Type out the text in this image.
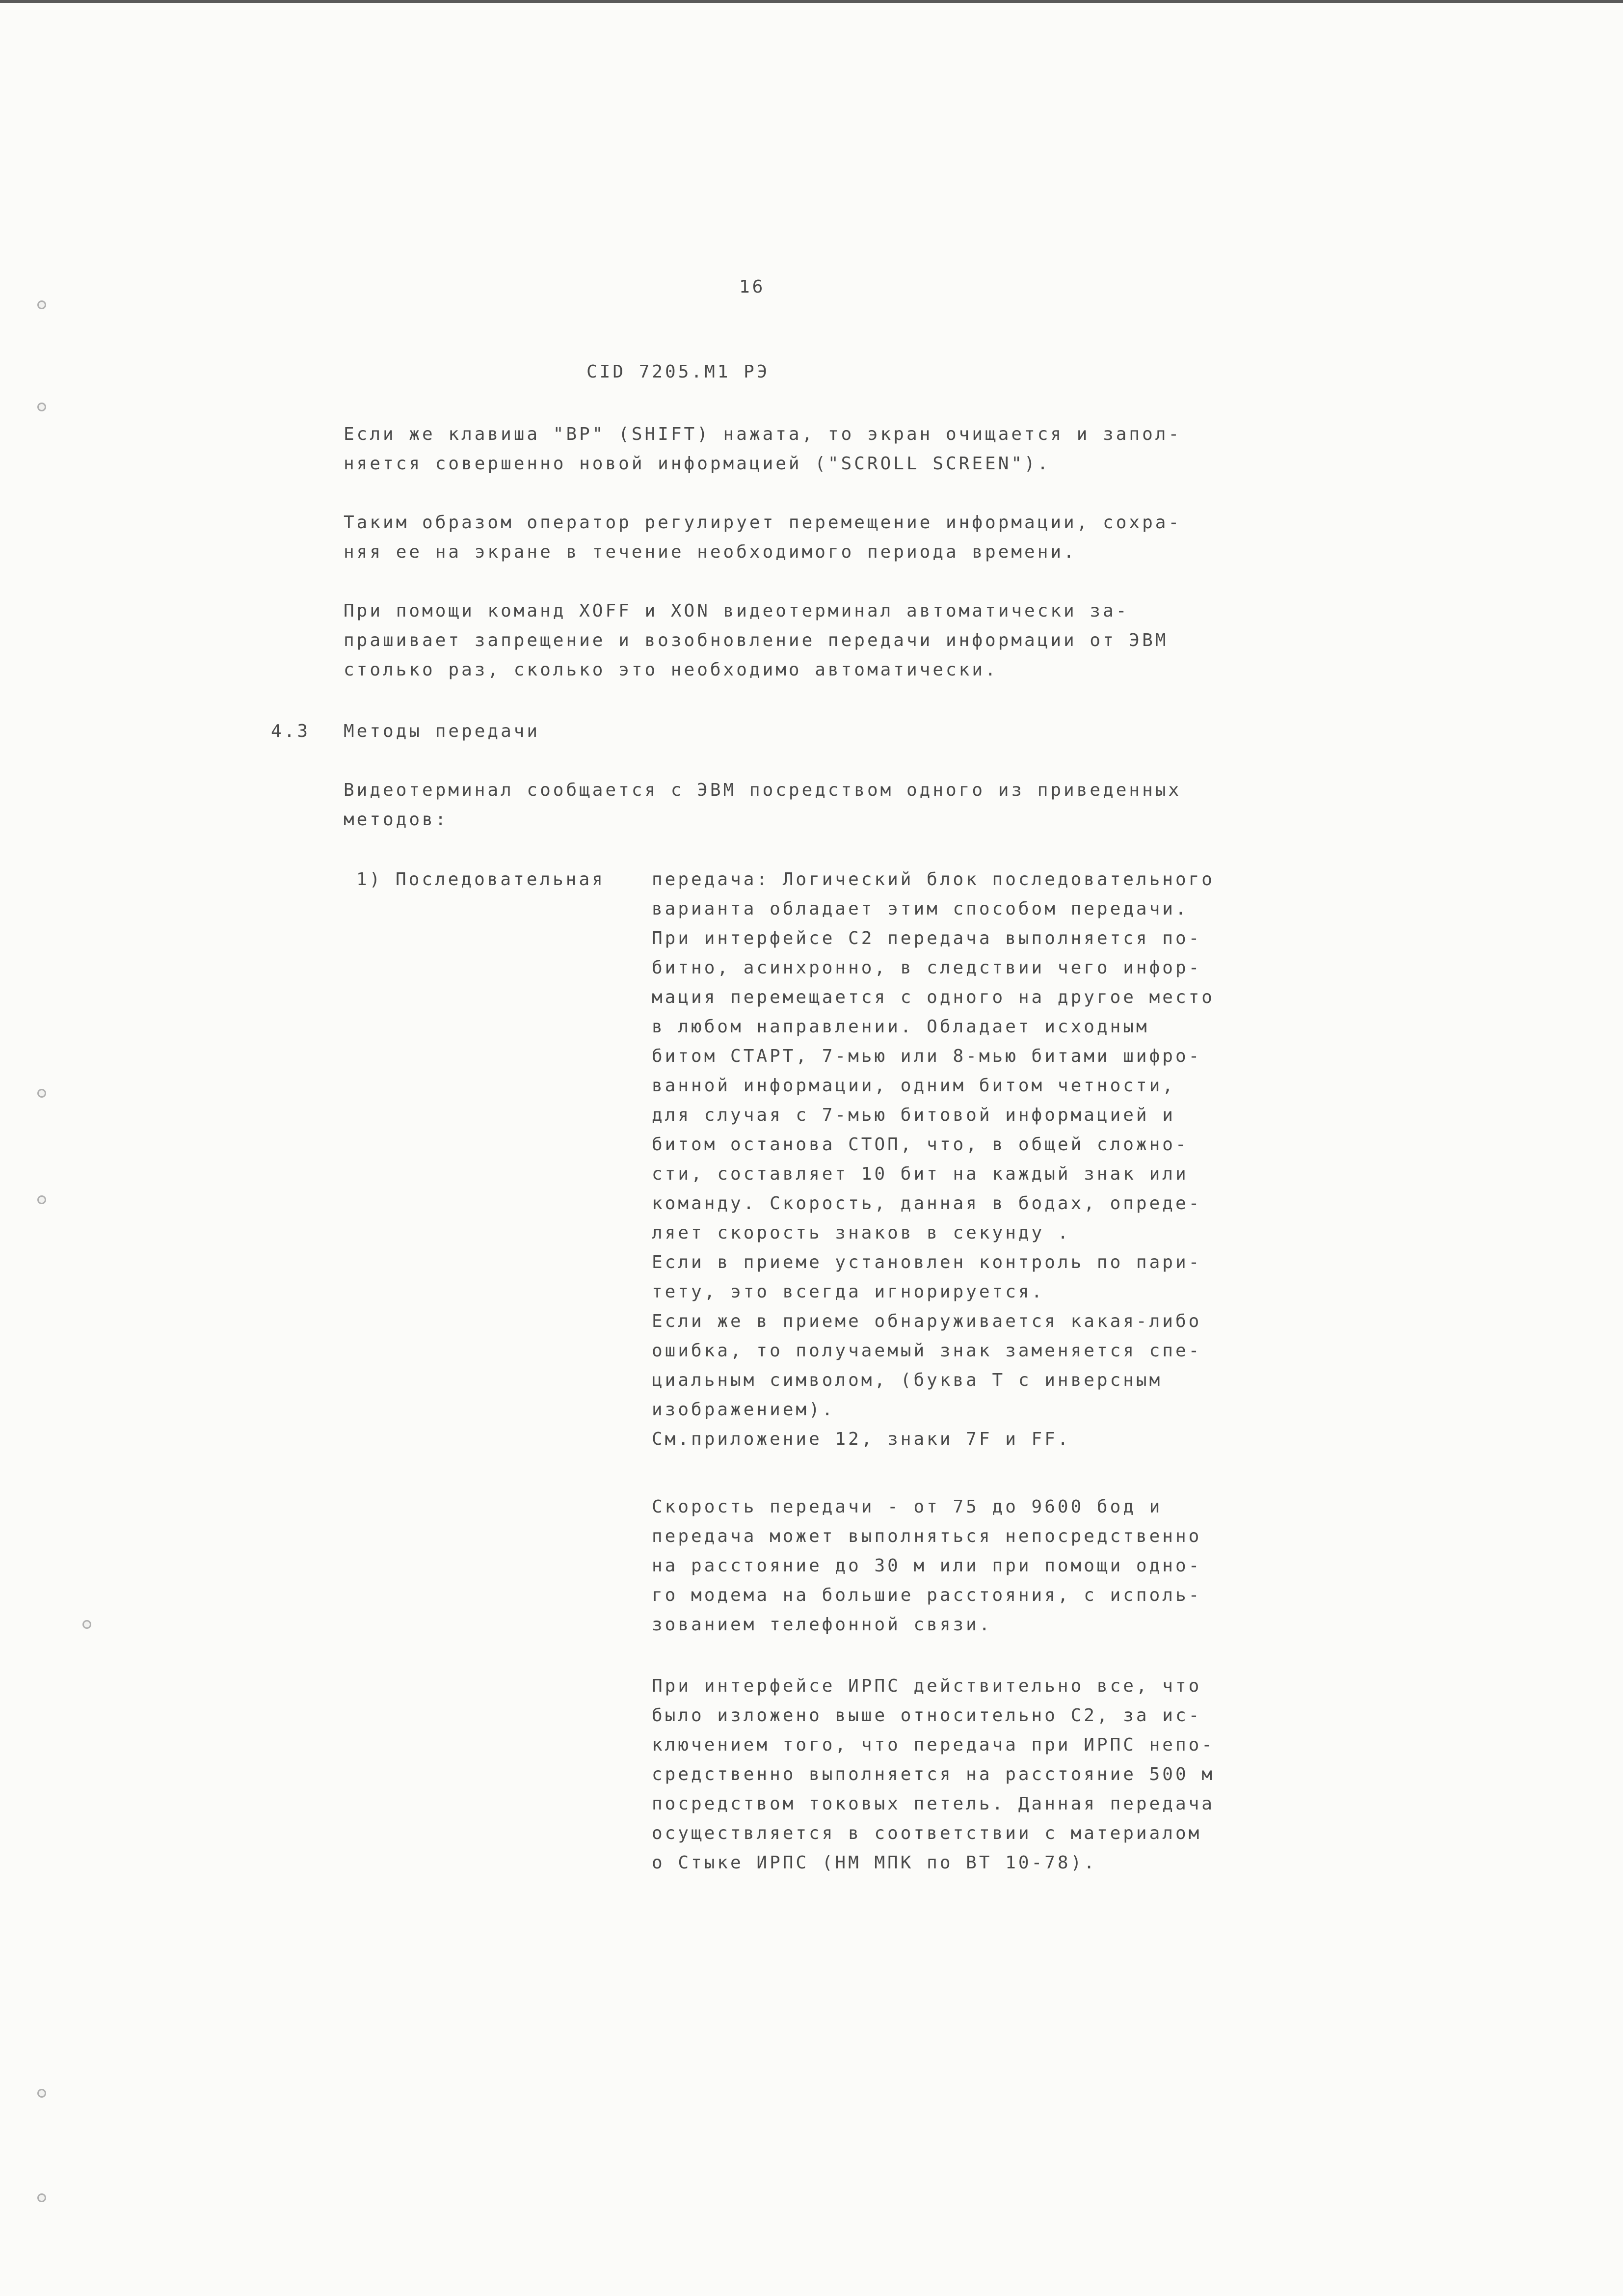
16

CID 7205.M1 РЭ

Если же клавиша "BP" (SHIFT) нажата, то экран очищается и запол-

няется совершенно новой информацией ("SCROLL SCREEN").

Таким образом оператор регулирует перемещение информации, сохра-

няя ее на экране в течение необходимого периода времени.

При помощи команд XOFF и XON видеотерминал автоматически за-

прашивает запрещение и возобновление передачи информации от ЭВМ

столько раз, сколько это необходимо автоматически.

4.3 Методы передачи

Видеотерминал сообщается с ЭВМ посредством одного из приведенных

методов:

1) Последовательная	передача: Логический блок последовательного

варианта обладает этим способом передачи.

При интерфейсе С2 передача выполняется по-

битно, асинхронно, в следствии чего инфор-

мация перемещается с одного на другое место

в любом направлении. Обладает исходным

битом СТАРТ, 7-мью или 8-мью битами шифро-

ванной информации, одним битом четности,

для случая с 7-мью битовой информацией и

битом останова СТОП, что, в общей сложно-

сти, составляет 10 бит на каждый знак или

команду. Скорость, данная в бодах, опреде-

ляет скорость знаков в секунду .

Если в приеме установлен контроль по пари-

тету, это всегда игнорируется.

Если же в приеме обнаруживается какая-либо

ошибка, то получаемый знак заменяется спе-

циальным символом, (буква Т с инверсным

изображением).

См.приложение 12, знаки 7F и FF.

Скорость передачи - от 75 до 9600 бод и

передача может выполняться непосредственно

на расстояние до 30 м или при помощи одно-

го модема на большие расстояния, с исполь-

зованием телефонной связи.

При интерфейсе ИРПС действительно все, что

было изложено выше относительно С2, за ис-

ключением того, что передача при ИРПС непо-

средственно выполняется на расстояние 500 м

посредством токовых петель. Данная передача

осуществляется в соответствии с материалом

о Стыке ИРПС (НМ МПК по ВТ 10-78).
